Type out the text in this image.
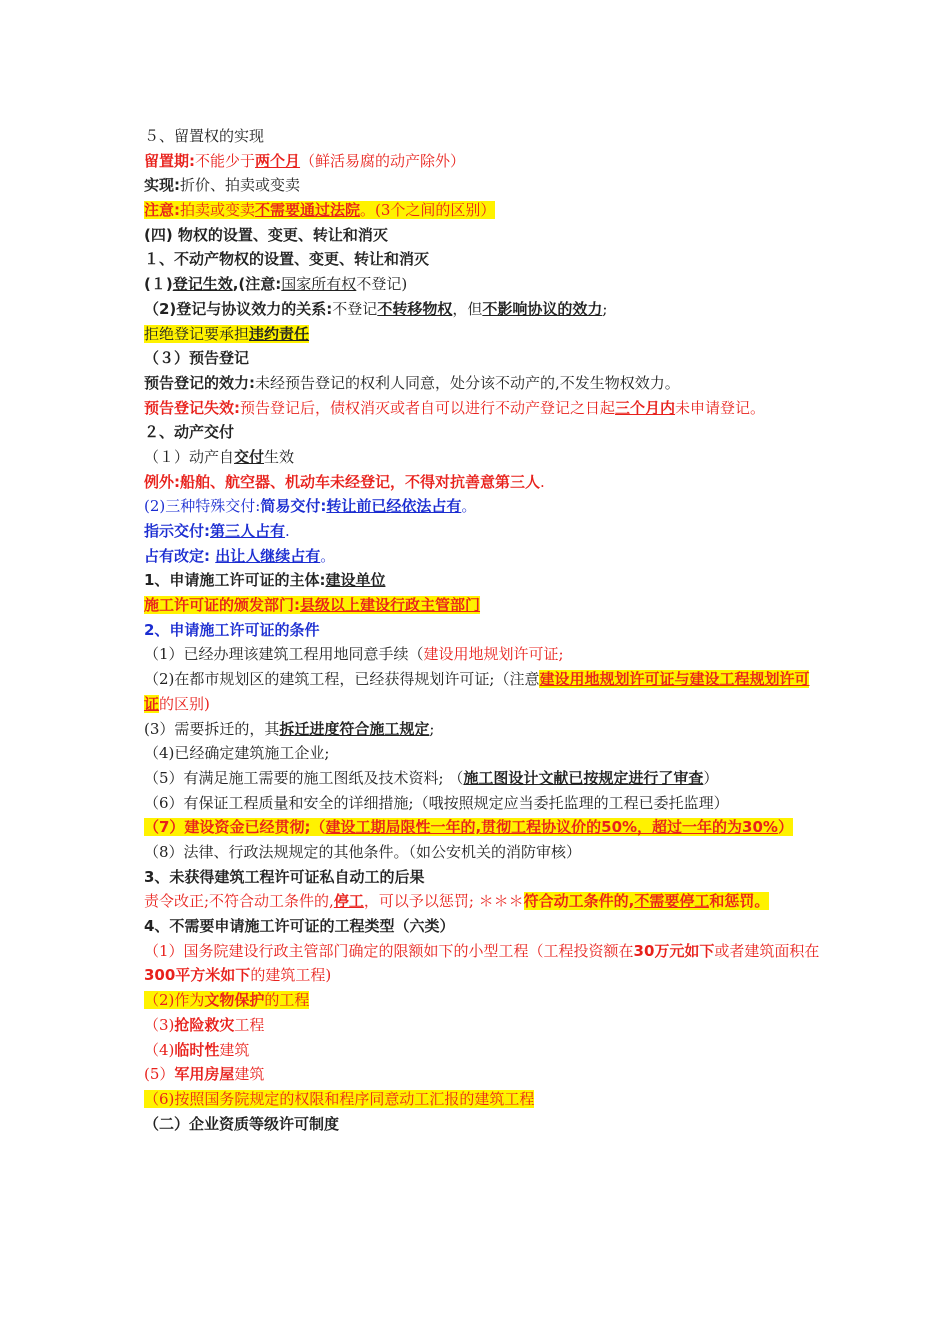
５、留置权的实现
留置期:不能少于两个月（鲜活易腐的动产除外）
实现:折价、拍卖或变卖
注意:拍卖或变卖不需要通过法院。(3个之间的区别）
(四) 物权的设置、变更、转让和消灭
１、不动产物权的设置、变更、转让和消灭
(１)登记生效,(注意:国家所有权不登记)
（2)登记与协议效力的关系:不登记不转移物权，但不影响协议的效力;
拒绝登记要承担违约责任
（３）预告登记
预告登记的效力:未经预告登记的权利人同意，处分该不动产的,不发生物权效力。
预告登记失效:预告登记后，债权消灭或者自可以进行不动产登记之日起三个月内未申请登记。
２、动产交付
（１）动产自交付生效
例外:船舶、航空器、机动车未经登记，不得对抗善意第三人.
(2)三种特殊交付:简易交付:转让前已经依法占有。
指示交付:第三人占有.
占有改定: 出让人继续占有。
1、申请施工许可证的主体:建设单位
施工许可证的颁发部门:县级以上建设行政主管部门
2、申请施工许可证的条件
（1）已经办理该建筑工程用地同意手续（建设用地规划许可证;
（2)在都市规划区的建筑工程，已经获得规划许可证;（注意建设用地规划许可证与建设工程规划许可证的区别)
(3）需要拆迁的，其拆迁进度符合施工规定;
（4)已经确定建筑施工企业;
（5）有满足施工需要的施工图纸及技术资料; （施工图设计文献已按规定进行了审查）
（6）有保证工程质量和安全的详细措施;（哦按照规定应当委托监理的工程已委托监理）
（7）建设资金已经贯彻;（建设工期局限性一年的,贯彻工程协议价的50%，超过一年的为30%）
（8）法律、行政法规规定的其他条件。（如公安机关的消防审核）
3、未获得建筑工程许可证私自动工的后果
责令改正;不符合动工条件的,停工，可以予以惩罚; ＊＊＊符合动工条件的,不需要停工和惩罚。
4、不需要申请施工许可证的工程类型（六类）
（1）国务院建设行政主管部门确定的限额如下的小型工程（工程投资额在30万元如下或者建筑面积在300平方米如下的建筑工程)
（2)作为文物保护的工程
（3)抢险救灾工程
（4)临时性建筑
(5）军用房屋建筑
（6)按照国务院规定的权限和程序同意动工汇报的建筑工程
（二）企业资质等级许可制度
